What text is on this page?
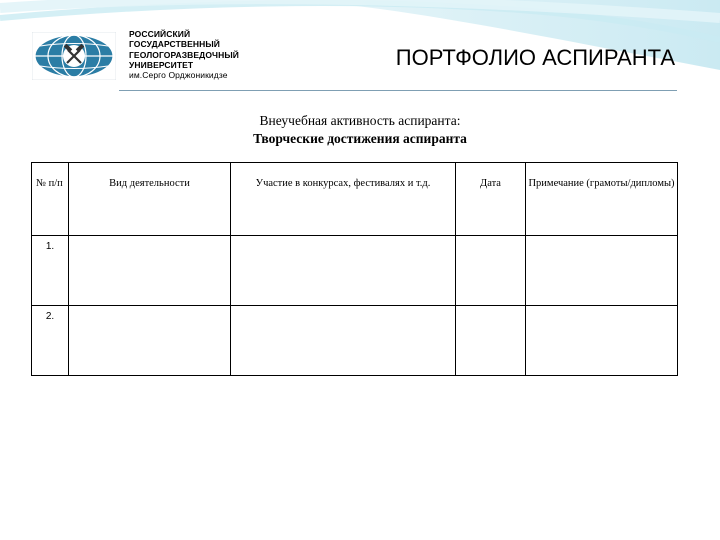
РОССИЙСКИЙ
ГОСУДАРСТВЕННЫЙ
ГЕОЛОГОРАЗВЕДОЧНЫЙ
УНИВЕРСИТЕТ
им.Серго Орджоникидзе
ПОРТФОЛИО АСПИРАНТА
Внеучебная активность аспиранта:
Творческие достижения аспиранта
№ п/п	Вид деятельности	Участие в конкурсах, фестивалях и т.д.	Дата	Примечание (грамоты/дипломы)
1.				
2.				
